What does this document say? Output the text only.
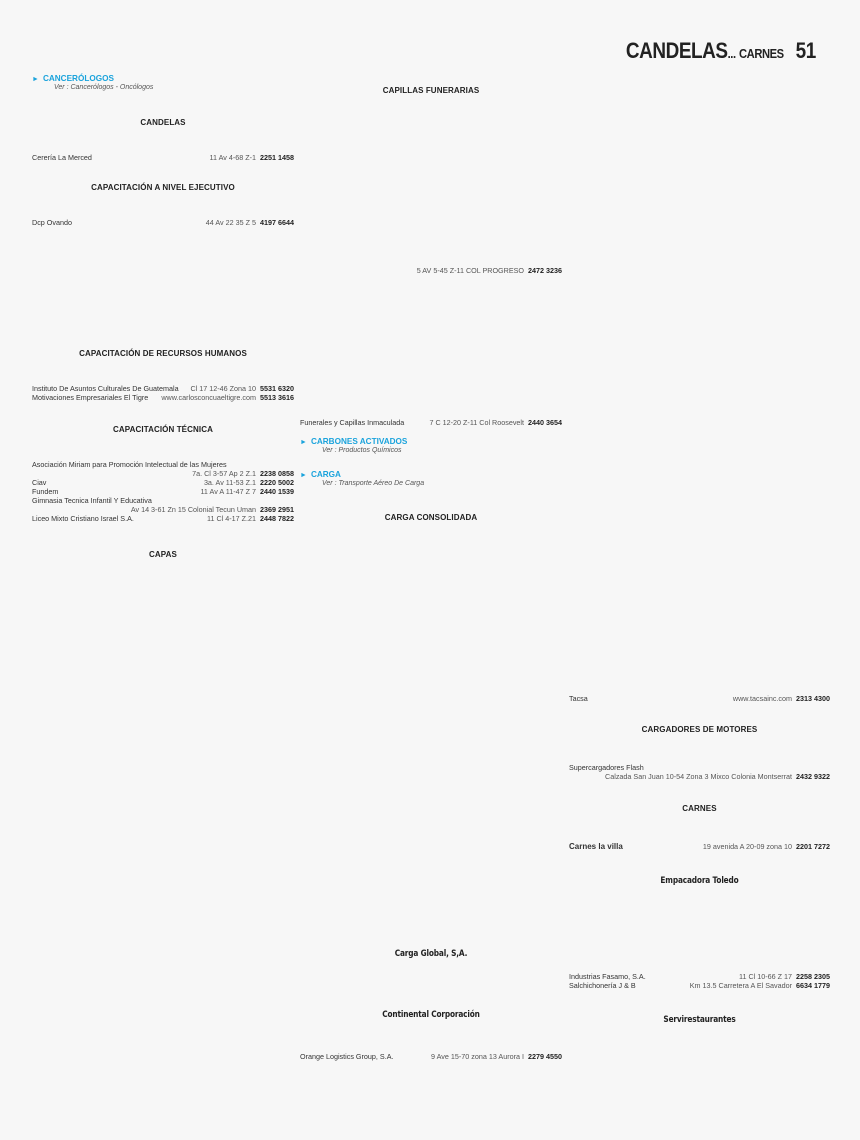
CANDELAS... CARNES 51
► CANCERÓLOGOS
Ver : Cancerólogos - Oncólogos
CANDELAS
Cerería La Merced	11 Av 4-68 Z-1 2251 1458
CAPACITACIÓN A NIVEL EJECUTIVO
Dcp Ovando	44 Av 22 35 Z 5 4197 6644
CAPACITACIÓN DE RECURSOS HUMANOS
Instituto De Asuntos Culturales De Guatemala Cl 17 12-46 Zona 10 5531 6320
Motivaciones Empresariales El Tigre www.carlosconcuaeltigre.com 5513 3616
CAPACITACIÓN TÉCNICA
Asociación Miriam para Promoción Intelectual de las Mujeres
7a. Cl 3-57 Ap 2 Z.1 2238 0858
Ciav	3a. Av 11-53 Z.1 2220 5002
Fundem	11 Av A 11-47 Z 7 2440 1539
Gimnasia Tecnica Infantil Y Educativa
Av 14 3-61 Zn 15 Colonial Tecun Uman 2369 2951
Liceo Mixto Cristiano Israel S.A.	11 Cl 4-17 Z.21 2448 7822
CAPAS
CAPILLAS FUNERARIAS
5 AV 5-45 Z-11 COL PROGRESO 2472 3236
Funerales y Capillas Inmaculada	7 C 12-20 Z-11 Col Roosevelt 2440 3654
► CARBONES ACTIVADOS
Ver : Productos Químicos
► CARGA
Ver : Transporte Aéreo De Carga
CARGA CONSOLIDADA
Carga Global, S,A.
Continental Corporación
Orange Logistics Group, S.A.	9 Ave 15-70 zona 13 Aurora I 2279 4550
Tacsa	www.tacsainc.com 2313 4300
CARGADORES DE MOTORES
Supercargadores Flash
Calzada San Juan 10-54 Zona 3 Mixco Colonia Montserrat 2432 9322
CARNES
Carnes la villa	19 avenida A 20-09 zona 10 2201 7272
Empacadora Toledo
Industrias Fasamo, S.A.	11 Cl 10-66 Z 17 2258 2305
Salchichonería J & B	Km 13.5 Carretera A El Savador 6634 1779
Servirestaurantes
